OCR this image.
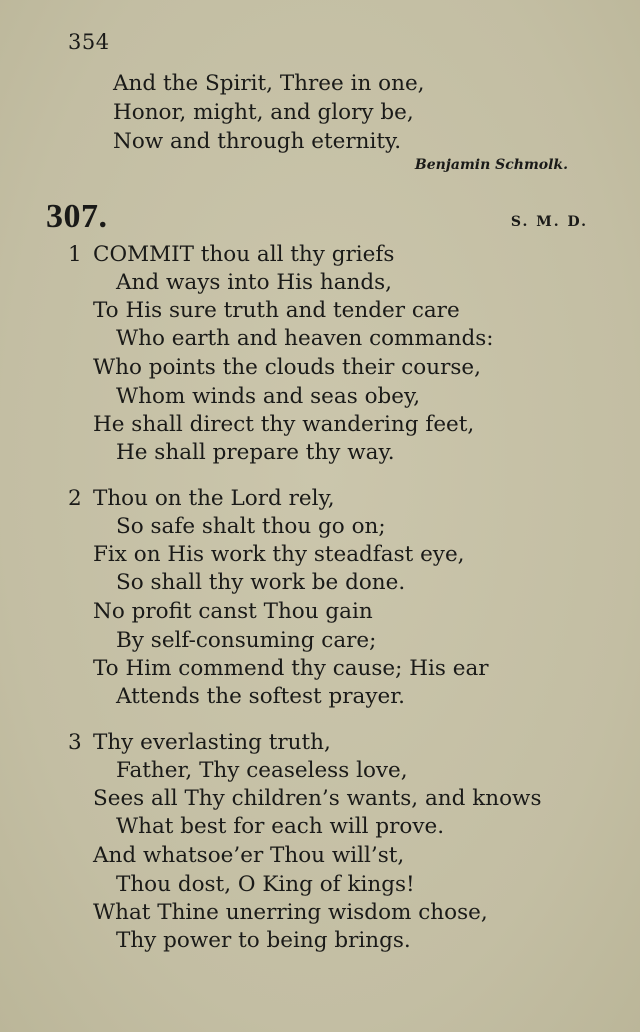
354
And the Spirit, Three in one,
Honor, might, and glory be,
Now and through eternity.
Benjamin Schmolk.
307.	S. M. D.
1 COMMIT thou all thy griefs
And ways into His hands,
To His sure truth and tender care
Who earth and heaven commands:
Who points the clouds their course,
Whom winds and seas obey,
He shall direct thy wandering feet,
He shall prepare thy way.
2 Thou on the Lord rely,
So safe shalt thou go on;
Fix on His work thy steadfast eye,
So shall thy work be done.
No profit canst Thou gain
By self-consuming care;
To Him commend thy cause; His ear
Attends the softest prayer.
3 Thy everlasting truth,
Father, Thy ceaseless love,
Sees all Thy children’s wants, and knows
What best for each will prove.
And whatsoe’er Thou will’st,
Thou dost, O King of kings!
What Thine unerring wisdom chose,
Thy power to being brings.
